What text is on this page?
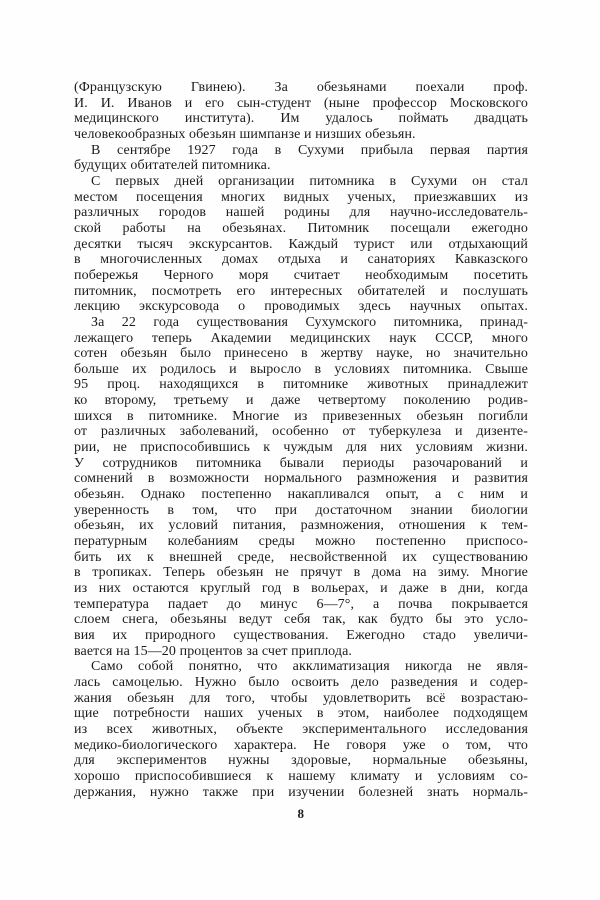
(Французскую Гвинею). За обезьянами поехали проф.
И. И. Иванов и его сын-студент (ныне профессор Московского
медицинского института). Им удалось поймать двадцать
человекообразных обезьян шимпанзе и низших обезьян.
В сентябре 1927 года в Сухуми прибыла первая партия
будущих обитателей питомника.
С первых дней организации питомника в Сухуми он стал
местом посещения многих видных ученых, приезжавших из
различных городов нашей родины для научно-исследователь-
ской работы на обезьянах. Питомник посещали ежегодно
десятки тысяч экскурсантов. Каждый турист или отдыхающий
в многочисленных домах отдыха и санаториях Кавказского
побережья Черного моря считает необходимым посетить
питомник, посмотреть его интересных обитателей и послушать
лекцию экскурсовода о проводимых здесь научных опытах.
За 22 года существования Сухумского питомника, принад-
лежащего теперь Академии медицинских наук СССР, много
сотен обезьян было принесено в жертву науке, но значительно
больше их родилось и выросло в условиях питомника. Свыше
95 проц. находящихся в питомнике животных принадлежит
ко второму, третьему и даже четвертому поколению родив-
шихся в питомнике. Многие из привезенных обезьян погибли
от различных заболеваний, особенно от туберкулеза и дизенте-
рии, не приспособившись к чуждым для них условиям жизни.
У сотрудников питомника бывали периоды разочарований и
сомнений в возможности нормального размножения и развития
обезьян. Однако постепенно накапливался опыт, а с ним и
уверенность в том, что при достаточном знании биологии
обезьян, их условий питания, размножения, отношения к тем-
пературным колебаниям среды можно постепенно приспосо-
бить их к внешней среде, несвойственной их существованию
в тропиках. Теперь обезьян не прячут в дома на зиму. Многие
из них остаются круглый год в вольерах, и даже в дни, когда
температура падает до минус 6—7°, а почва покрывается
слоем снега, обезьяны ведут себя так, как будто бы это усло-
вия их природного существования. Ежегодно стадо увеличи-
вается на 15—20 процентов за счет приплода.
Само собой понятно, что акклиматизация никогда не явля-
лась самоцелью. Нужно было освоить дело разведения и содер-
жания обезьян для того, чтобы удовлетворить всё возрастаю-
щие потребности наших ученых в этом, наиболее подходящем
из всех животных, объекте экспериментального исследования
медико-биологического характера. Не говоря уже о том, что
для экспериментов нужны здоровые, нормальные обезьяны,
хорошо приспособившиеся к нашему климату и условиям со-
держания, нужно также при изучении болезней знать нормаль-
8
